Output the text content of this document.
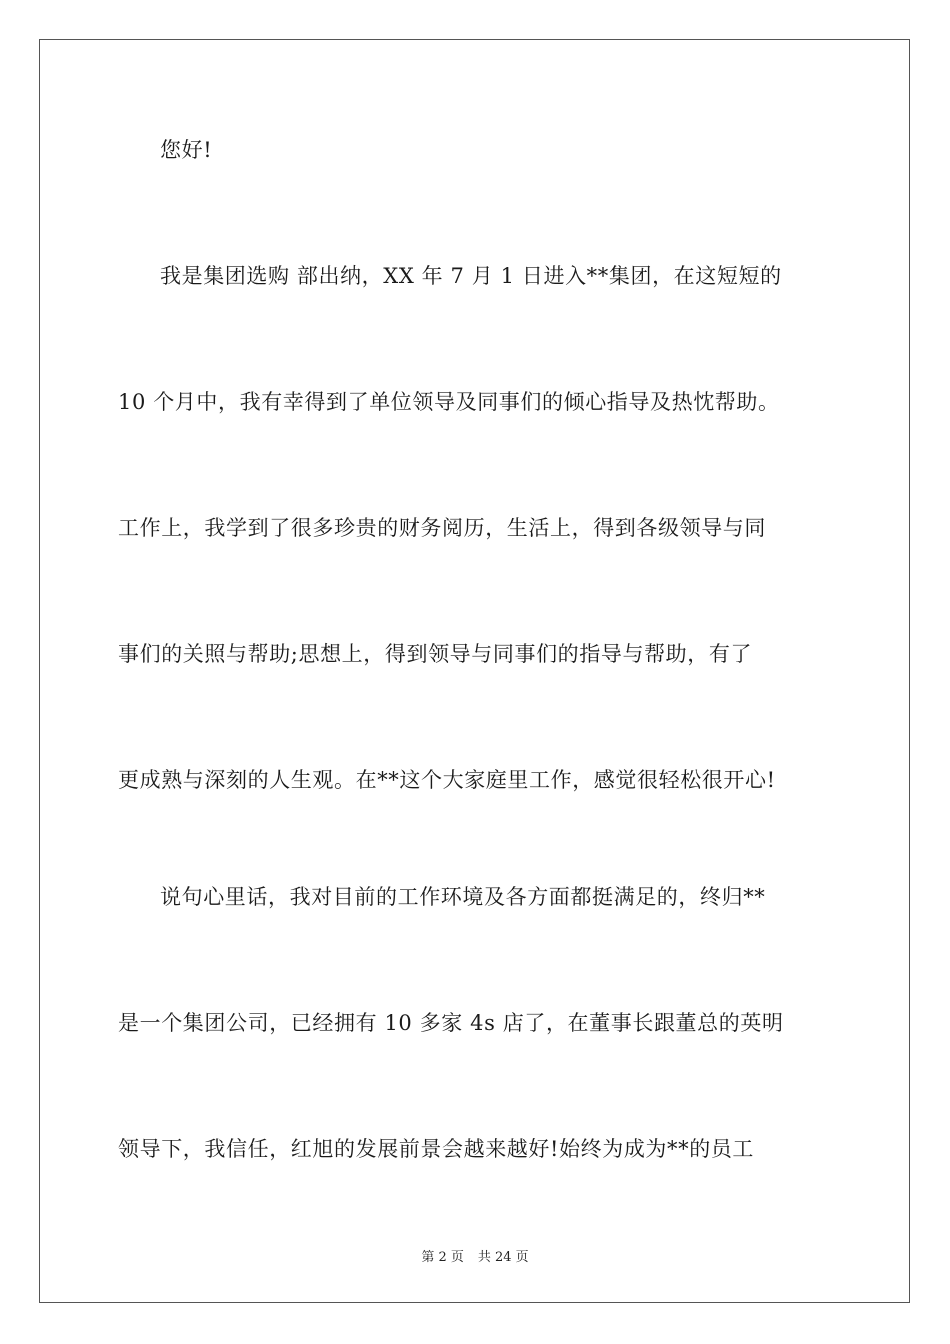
您好!
我是集团选购 部出纳，XX 年 7 月 1 日进入**集团，在这短短的
10 个月中，我有幸得到了单位领导及同事们的倾心指导及热忱帮助。
工作上，我学到了很多珍贵的财务阅历，生活上，得到各级领导与同
事们的关照与帮助;思想上，得到领导与同事们的指导与帮助，有了
更成熟与深刻的人生观。在**这个大家庭里工作，感觉很轻松很开心!
说句心里话，我对目前的工作环境及各方面都挺满足的，终归**
是一个集团公司，已经拥有 10 多家 4s 店了，在董事长跟董总的英明
领导下，我信任，红旭的发展前景会越来越好!始终为成为**的员工
第 2 页 共 24 页
